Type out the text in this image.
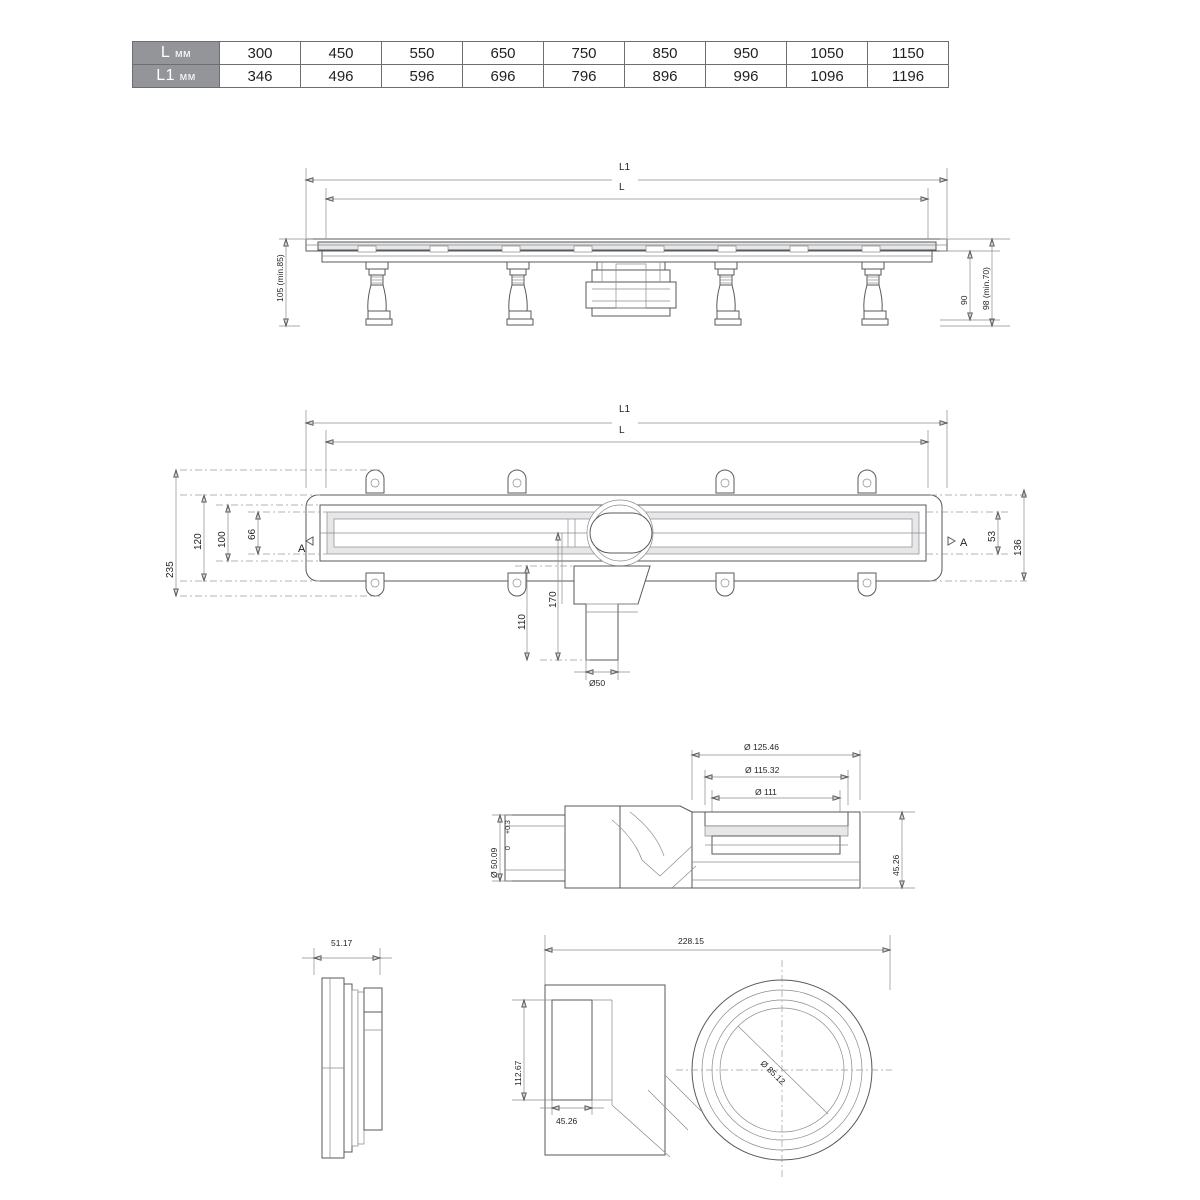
L мм	300	450	550	650	750	850	950	1050	1150
L1 мм	346	496	596	696	796	896	996	1096	1196
L1
L
105 (min.85)	90 98 (min.70)
L1
L
Ø50
A	A
66
100
120
235
53
136
170
110
Ø 125.46
Ø 115.32
Ø 111
Ø 50.09
+0.3
0
45.26
51.17	228.15
Ø 85.12
112.67
45.26
